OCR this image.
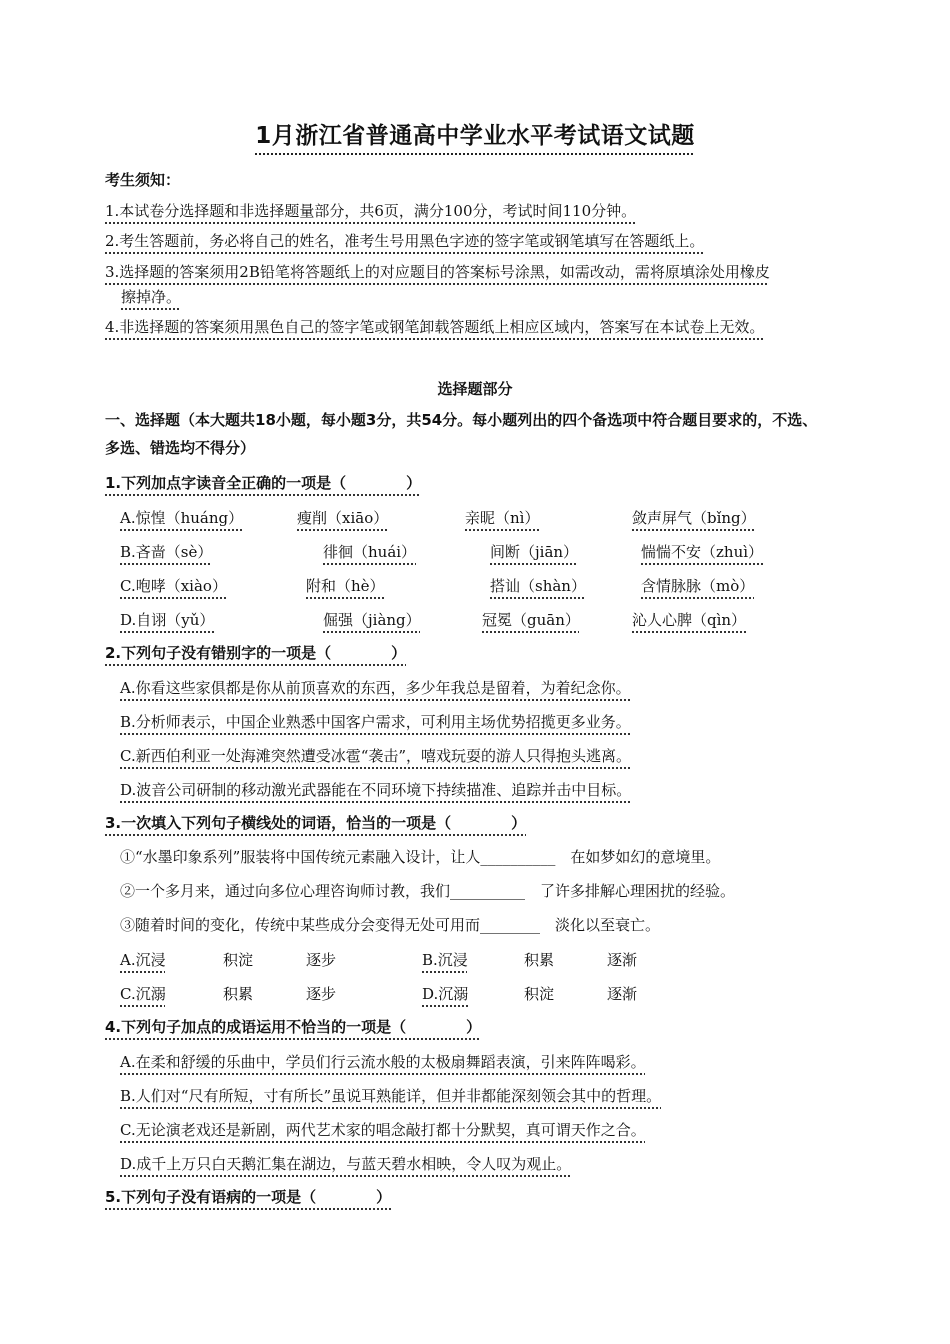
1月浙江省普通高中学业水平考试语文试题
考生须知：
1.本试卷分选择题和非选择题量部分，共6页，满分100分，考试时间110分钟。
2.考生答题前，务必将自己的姓名，准考生号用黑色字迹的签字笔或钢笔填写在答题纸上。
3.选择题的答案须用2B铅笔将答题纸上的对应题目的答案标号涂黑，如需改动，需将原填涂处用橡皮
擦掉净。
4.非选择题的答案须用黑色自己的签字笔或钢笔卸载答题纸上相应区域内，答案写在本试卷上无效。
选择题部分
一、选择题（本大题共18小题，每小题3分，共54分。每小题列出的四个备选项中符合题目要求的，不选、
多选、错选均不得分）
1.下列加点字读音全正确的一项是（　　　　）
A.惊惶（huáng）	瘦削（xiāo）	亲昵（nì）	敛声屏气（bǐng）
B.吝啬（sè）	徘徊（huái）	间断（jiān）	惴惴不安（zhuì）
C.咆哮（xiào）	附和（hè）	搭讪（shàn）	含情脉脉（mò）
D.自诩（yǔ）	倔强（jiàng）	冠冕（guān）	沁人心脾（qìn）
2.下列句子没有错别字的一项是（　　　　）
A.你看这些家俱都是你从前顶喜欢的东西，多少年我总是留着，为着纪念你。
B.分析师表示，中国企业熟悉中国客户需求，可利用主场优势招揽更多业务。
C.新西伯利亚一处海滩突然遭受冰雹“袭击”，嘻戏玩耍的游人只得抱头逃离。
D.波音公司研制的移动激光武器能在不同环境下持续描准、追踪并击中目标。
3.一次填入下列句子横线处的词语，恰当的一项是（　　　　）
①“水墨印象系列”服装将中国传统元素融入设计，让人__________　在如梦如幻的意境里。
②一个多月来，通过向多位心理咨询师讨教，我们__________　了许多排解心理困扰的经验。
③随着时间的变化，传统中某些成分会变得无处可用而________　淡化以至衰亡。
A.沉浸	积淀	逐步	B.沉浸	积累	逐渐
C.沉溺	积累	逐步	D.沉溺	积淀	逐渐
4.下列句子加点的成语运用不恰当的一项是（　　　　）
A.在柔和舒缓的乐曲中，学员们行云流水般的太极扇舞蹈表演，引来阵阵喝彩。
B.人们对“尺有所短，寸有所长”虽说耳熟能详，但并非都能深刻领会其中的哲理。
C.无论演老戏还是新剧，两代艺术家的唱念敲打都十分默契，真可谓天作之合。
D.成千上万只白天鹅汇集在湖边，与蓝天碧水相映，令人叹为观止。
5.下列句子没有语病的一项是（　　　　）
